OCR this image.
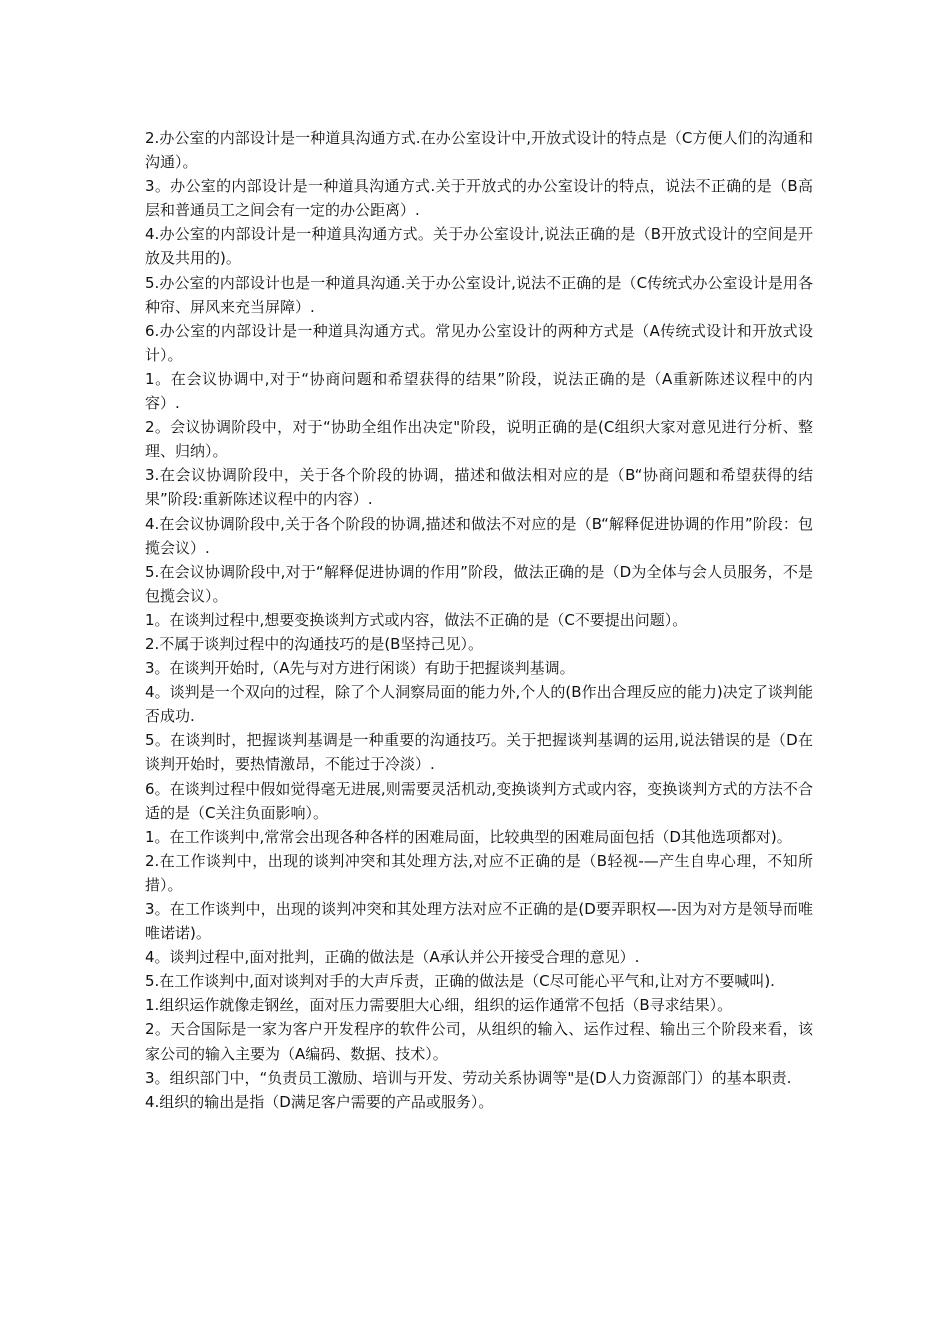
2.办公室的内部设计是一种道具沟通方式.在办公室设计中,开放式设计的特点是（C方便人们的沟通和沟通）。

3。办公室的内部设计是一种道具沟通方式.关于开放式的办公室设计的特点，说法不正确的是（B高层和普通员工之间会有一定的办公距离）.

4.办公室的内部设计是一种道具沟通方式。关于办公室设计,说法正确的是（B开放式设计的空间是开放及共用的)。

5.办公室的内部设计也是一种道具沟通.关于办公室设计,说法不正确的是（C传统式办公室设计是用各种帘、屏风来充当屏障）.

6.办公室的内部设计是一种道具沟通方式。常见办公室设计的两种方式是（A传统式设计和开放式设计）。

1。在会议协调中,对于“协商问题和希望获得的结果”阶段，说法正确的是（A重新陈述议程中的内容）.

2。会议协调阶段中，对于“协助全组作出决定"阶段，说明正确的是(C组织大家对意见进行分析、整理、归纳）。

3.在会议协调阶段中，关于各个阶段的协调，描述和做法相对应的是（B“协商问题和希望获得的结果”阶段:重新陈述议程中的内容）.

4.在会议协调阶段中,关于各个阶段的协调,描述和做法不对应的是（B“解释促进协调的作用”阶段：包揽会议）.

5.在会议协调阶段中,对于“解释促进协调的作用”阶段，做法正确的是（D为全体与会人员服务，不是包揽会议）。

1。在谈判过程中,想要变换谈判方式或内容，做法不正确的是（C不要提出问题）。

2.不属于谈判过程中的沟通技巧的是(B坚持己见）。

3。在谈判开始时,（A先与对方进行闲谈）有助于把握谈判基调。

4。谈判是一个双向的过程，除了个人洞察局面的能力外,个人的(B作出合理反应的能力)决定了谈判能否成功.

5。在谈判时，把握谈判基调是一种重要的沟通技巧。关于把握谈判基调的运用,说法错误的是（D在谈判开始时，要热情激昂，不能过于冷淡）.

6。在谈判过程中假如觉得毫无进展,则需要灵活机动,变换谈判方式或内容，变换谈判方式的方法不合适的是（C关注负面影响）。

1。在工作谈判中,常常会出现各种各样的困难局面，比较典型的困难局面包括（D其他选项都对)。

2.在工作谈判中，出现的谈判冲突和其处理方法,对应不正确的是（B轻视-—产生自卑心理，不知所措）。

3。在工作谈判中，出现的谈判冲突和其处理方法对应不正确的是(D要弄职权—-因为对方是领导而唯唯诺诺)。

4。谈判过程中,面对批判，正确的做法是（A承认并公开接受合理的意见）.

5.在工作谈判中,面对谈判对手的大声斥责，正确的做法是（C尽可能心平气和,让对方不要喊叫).

1.组织运作就像走钢丝，面对压力需要胆大心细，组织的运作通常不包括（B寻求结果）。

2。天合国际是一家为客户开发程序的软件公司，从组织的输入、运作过程、输出三个阶段来看，该家公司的输入主要为（A编码、数据、技术）。

3。组织部门中，“负责员工激励、培训与开发、劳动关系协调等"是(D人力资源部门）的基本职责.

4.组织的输出是指（D满足客户需要的产品或服务）。
